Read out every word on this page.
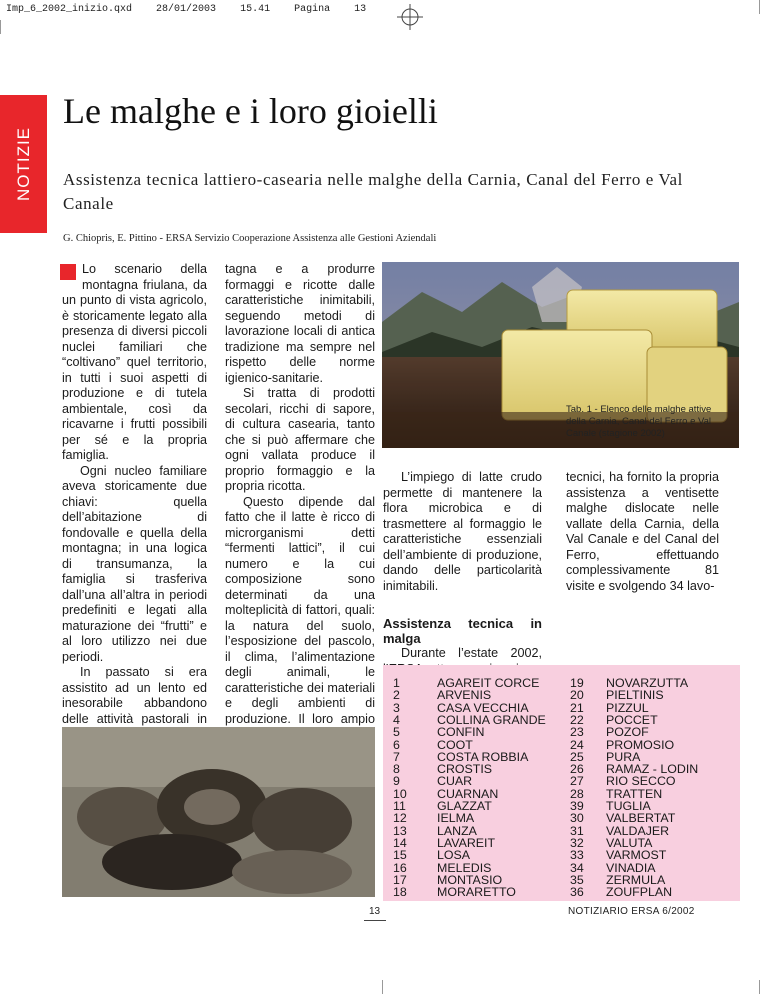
Imp_6_2002_inizio.qxd 28/01/2003 15.41 Pagina 13
NOTIZIE
Le malghe e i loro gioielli

Assistenza tecnica lattiero-casearia nelle malghe della Carnia, Canal del Ferro e Val Canale

G. Chiopris, E. Pittino - ERSA Servizio Cooperazione Assistenza alle Gestioni Aziendali

Lo scenario della montagna friulana, da un punto di vista agricolo, è storicamente legato alla presenza di diversi piccoli nuclei familiari che “coltivano” quel territorio, in tutti i suoi aspetti di produzione e di tutela ambientale, così da ricavarne i frutti possibili per sé e la propria famiglia.

Ogni nucleo familiare aveva storicamente due chiavi: quella dell’abitazione di fondovalle e quella della montagna; in una logica di transumanza, la famiglia si trasferiva dall’una all’altra in periodi predefiniti e legati alla maturazione dei “frutti” e al loro utilizzo nei due periodi.

In passato si era assistito ad un lento ed inesorabile abbandono delle attività pastorali in

tagna e a produrre formaggi e ricotte dalle caratteristiche inimitabili, seguendo metodi di lavorazione locali di antica tradizione ma sempre nel rispetto delle norme igienico-sanitarie.

Si tratta di prodotti secolari, ricchi di sapore, di cultura casearia, tanto che si può affermare che ogni vallata produce il proprio formaggio e la propria ricotta.

Questo dipende dal fatto che il latte è ricco di microrganismi detti “fermenti lattici”, il cui numero e la cui composizione sono determinati da una molteplicità di fattori, quali: la natura del suolo, l’esposizione del pascolo, il clima, l’alimentazione degli animali, le caratteristiche dei materiali e degli ambienti di produzione. Il loro ampio

L’impiego di latte crudo permette di mantenere la flora microbica e di trasmettere al formaggio le caratteristiche essenziali dell’ambiente di produzione, dando delle particolarità inimitabili.

Assistenza tecnica in malga

Durante l’estate 2002,

tecnici, ha fornito la propria assistenza a ventisette malghe dislocate nelle vallate della Carnia, della Val Canale e del Canal del Ferro, effettuando complessivamente 81 visite e svolgendo 34 lavo-

Tab. 1 - Elenco delle malghe attive della Carnia, Canal del Ferro e Val Canale (stagione 2002)
1	AGAREIT CORCE
2	ARVENIS
3	CASA VECCHIA
4	COLLINA GRANDE
5	CONFIN
6	COOT
7	COSTA ROBBIA
8	CROSTIS
9	CUAR
10 CUARNAN
11	GLAZZAT
12 IELMA
13 LANZA
14 LAVAREIT
15 LOSA
16 MELEDIS
17 MONTASIO
18 MORARETTO
19 NOVARZUTTA
20 PIELTINIS
21 PIZZUL
22 POCCET
23 POZOF
24 PROMOSIO
25 PURA
26 RAMAZ - LODIN
27 RIO SECCO
28 TRATTEN
39 TUGLIA
30 VALBERTAT
31 VALDAJER
32 VALUTA
33 VARMOST
34 VINADIA
35 ZERMULA
36 ZOUFPLAN
13	NOTIZIARIO ERSA 6/2002
